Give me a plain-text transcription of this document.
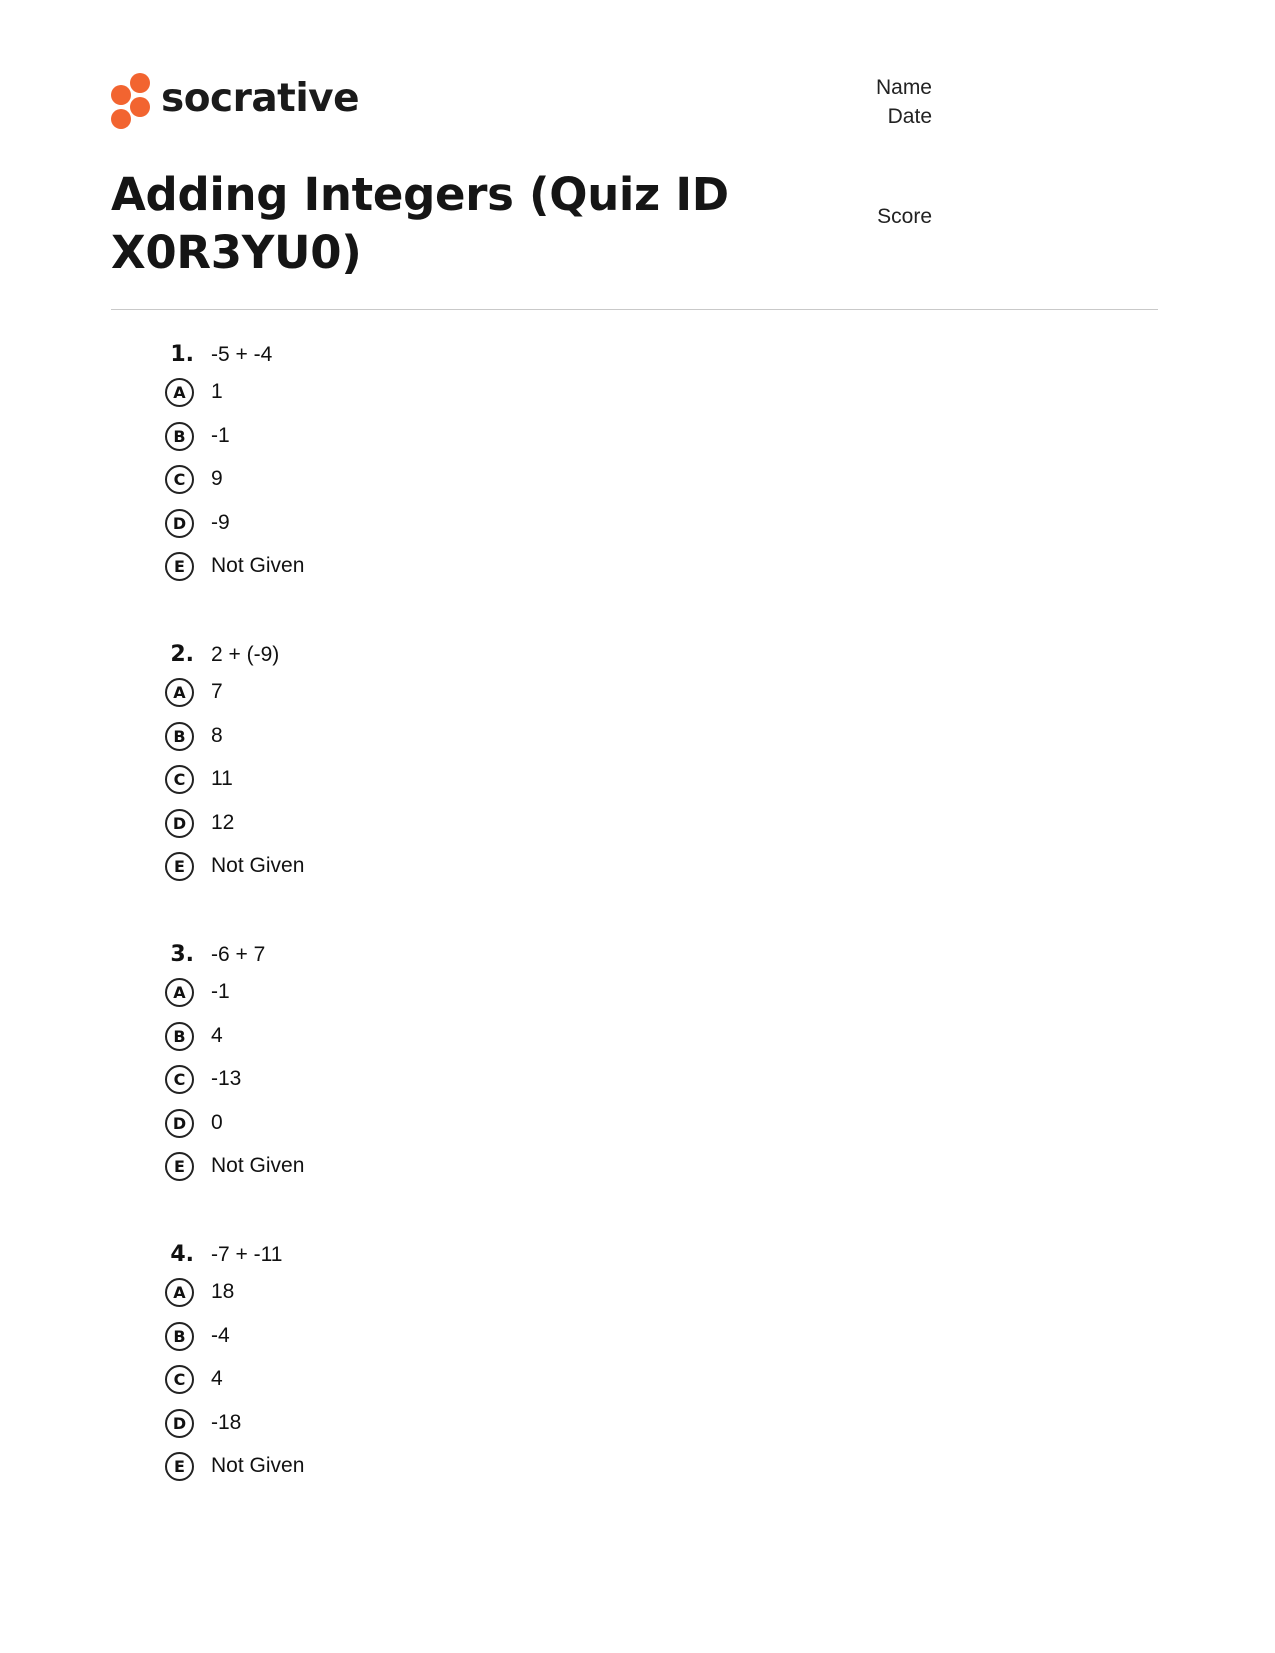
socrative
Adding Integers (Quiz ID X0R3YU0)
Name
Date
Score
1. -5 + -4
A	1
B	-1
C	9
D	-9
E	Not Given
2. 2 + (-9)
A	7
B	8
C	11
D	12
E	Not Given
3. -6 + 7
A	-1
B	4
C	-13
D	0
E	Not Given
4. -7 + -11
A	18
B	-4
C	4
D	-18
E	Not Given
